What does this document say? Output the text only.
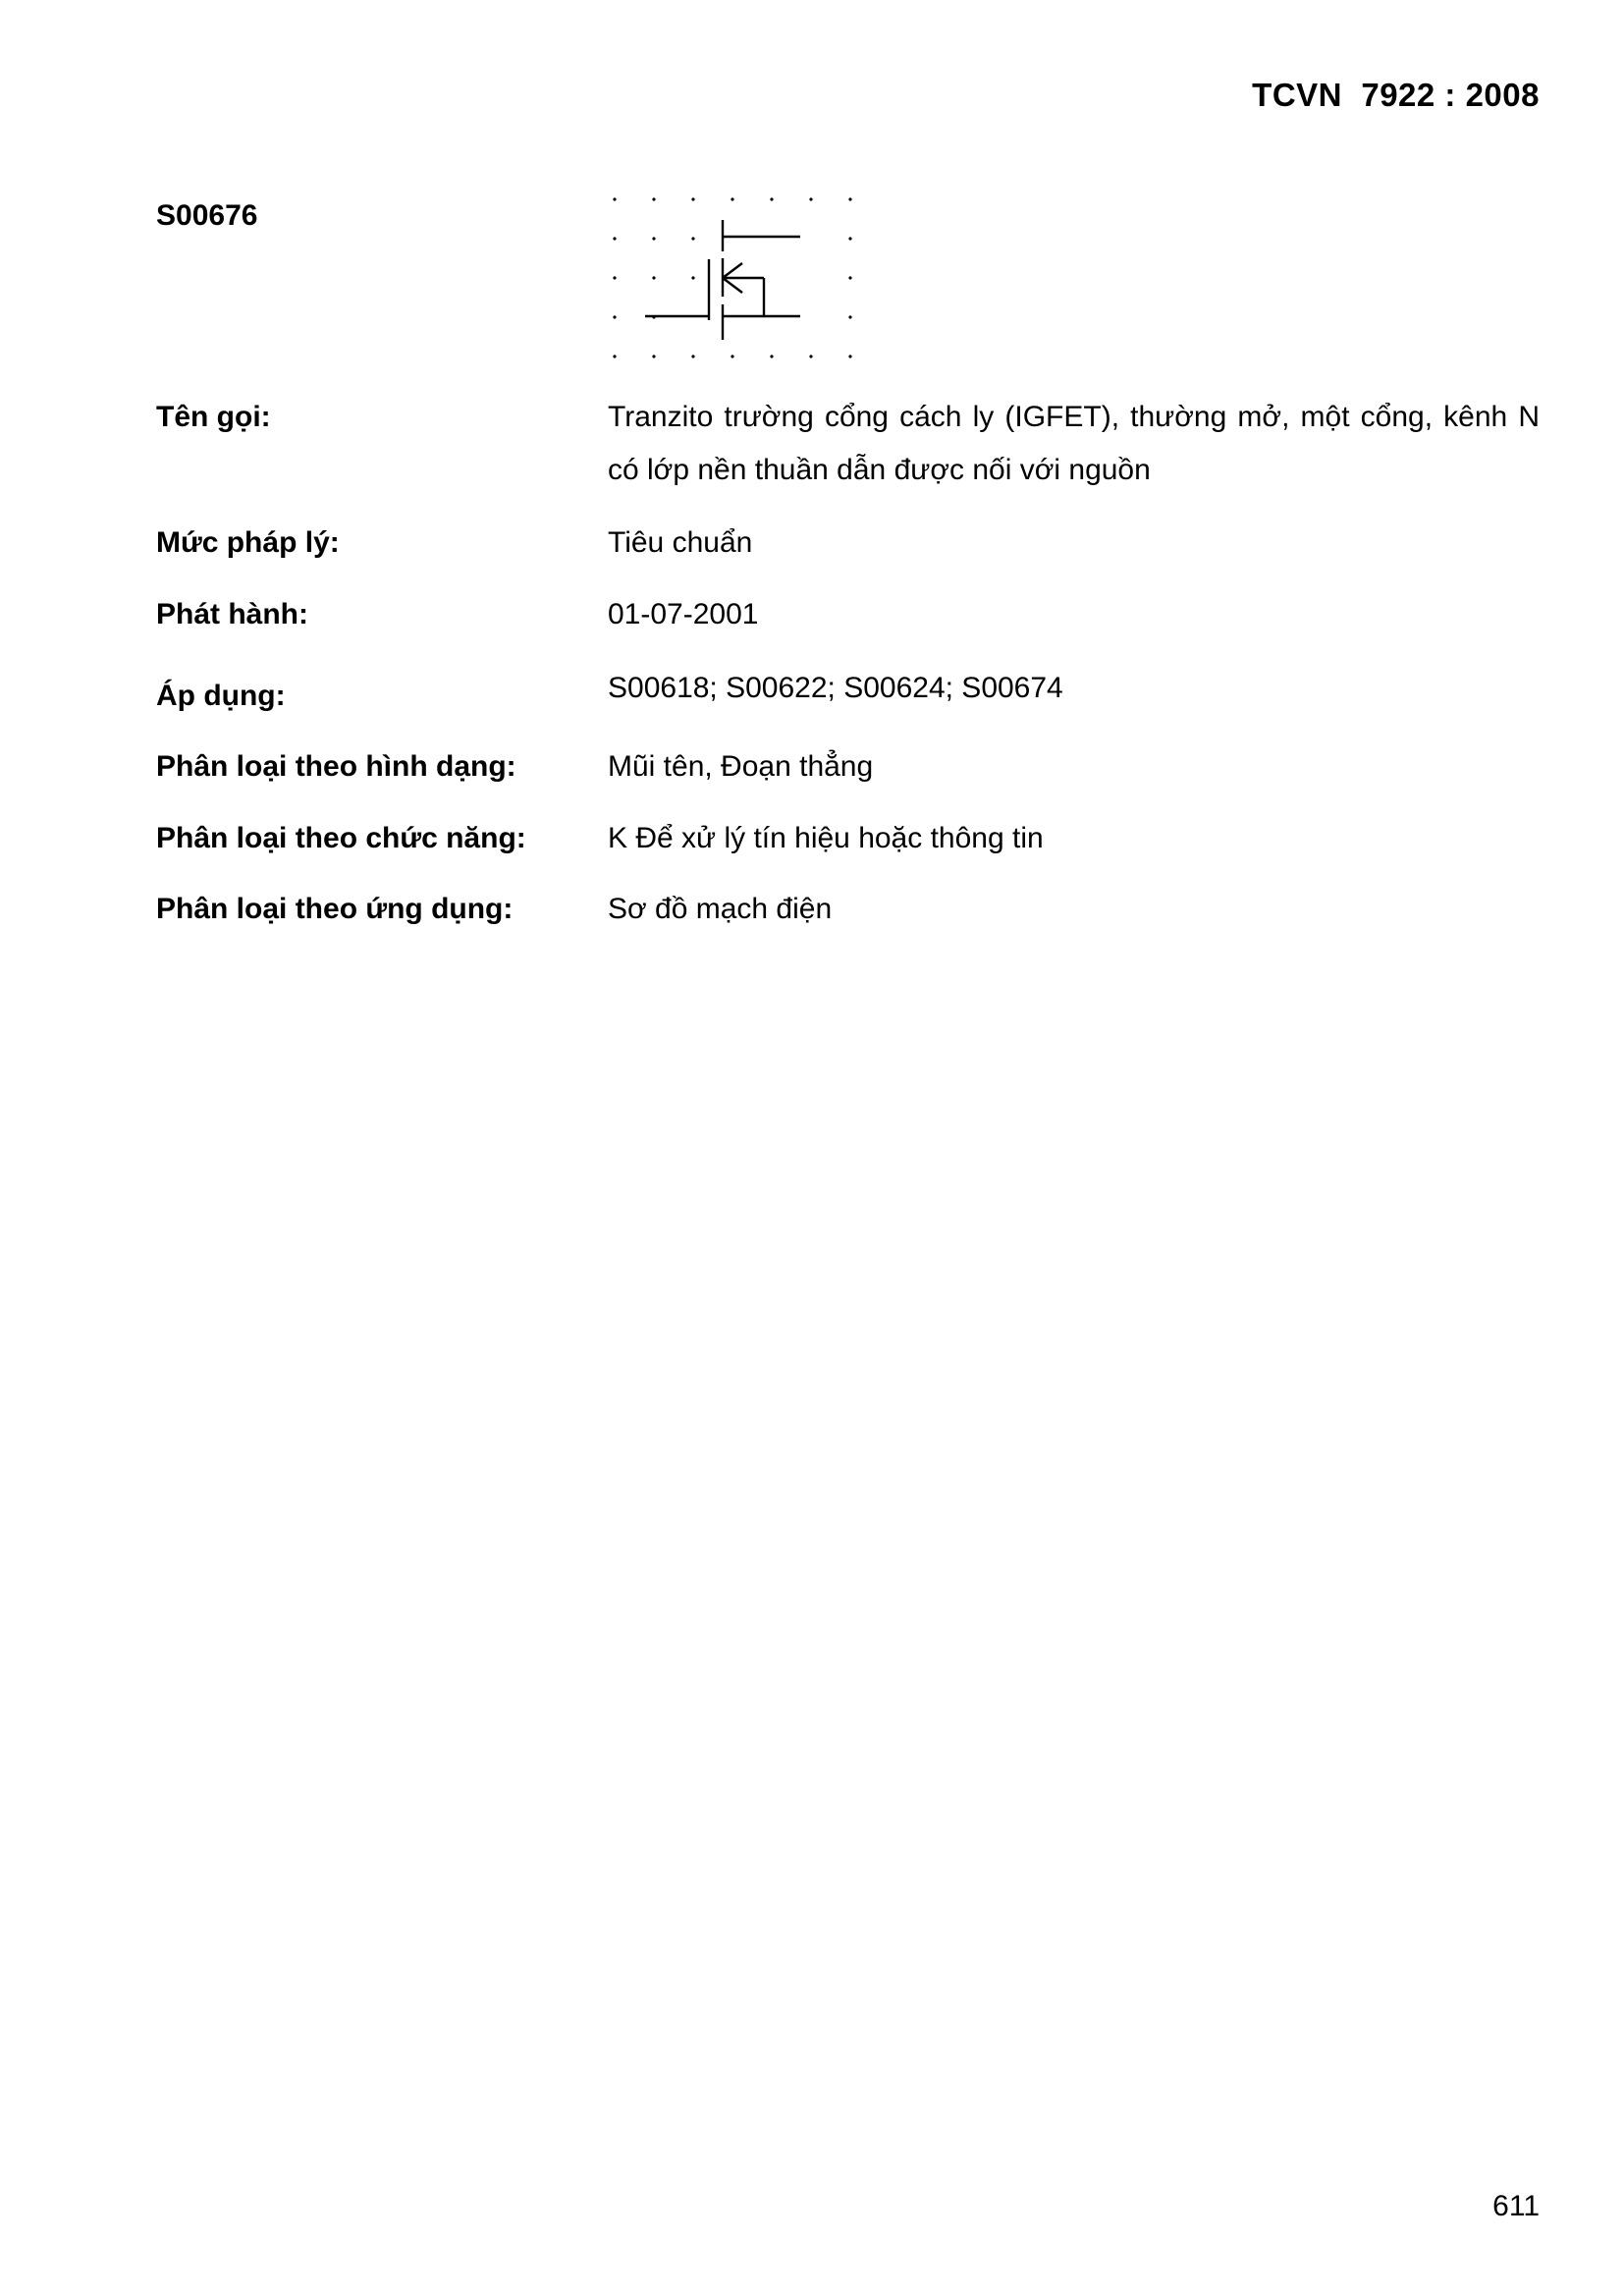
TCVN  7922 : 2008
S00676
Tên gọi:	Tranzito trường cổng cách ly (IGFET), thường mở, một cổng, kênh N có lớp nền thuần dẫn được nối với nguồn
Mức pháp lý:	Tiêu chuẩn
Phát hành:	01-07-2001
Áp dụng:	S00618; S00622; S00624; S00674
Phân loại theo hình dạng:	Mũi tên, Đoạn thẳng
Phân loại theo chức năng:	K Để xử lý tín hiệu hoặc thông tin
Phân loại theo ứng dụng:	Sơ đồ mạch điện
611
